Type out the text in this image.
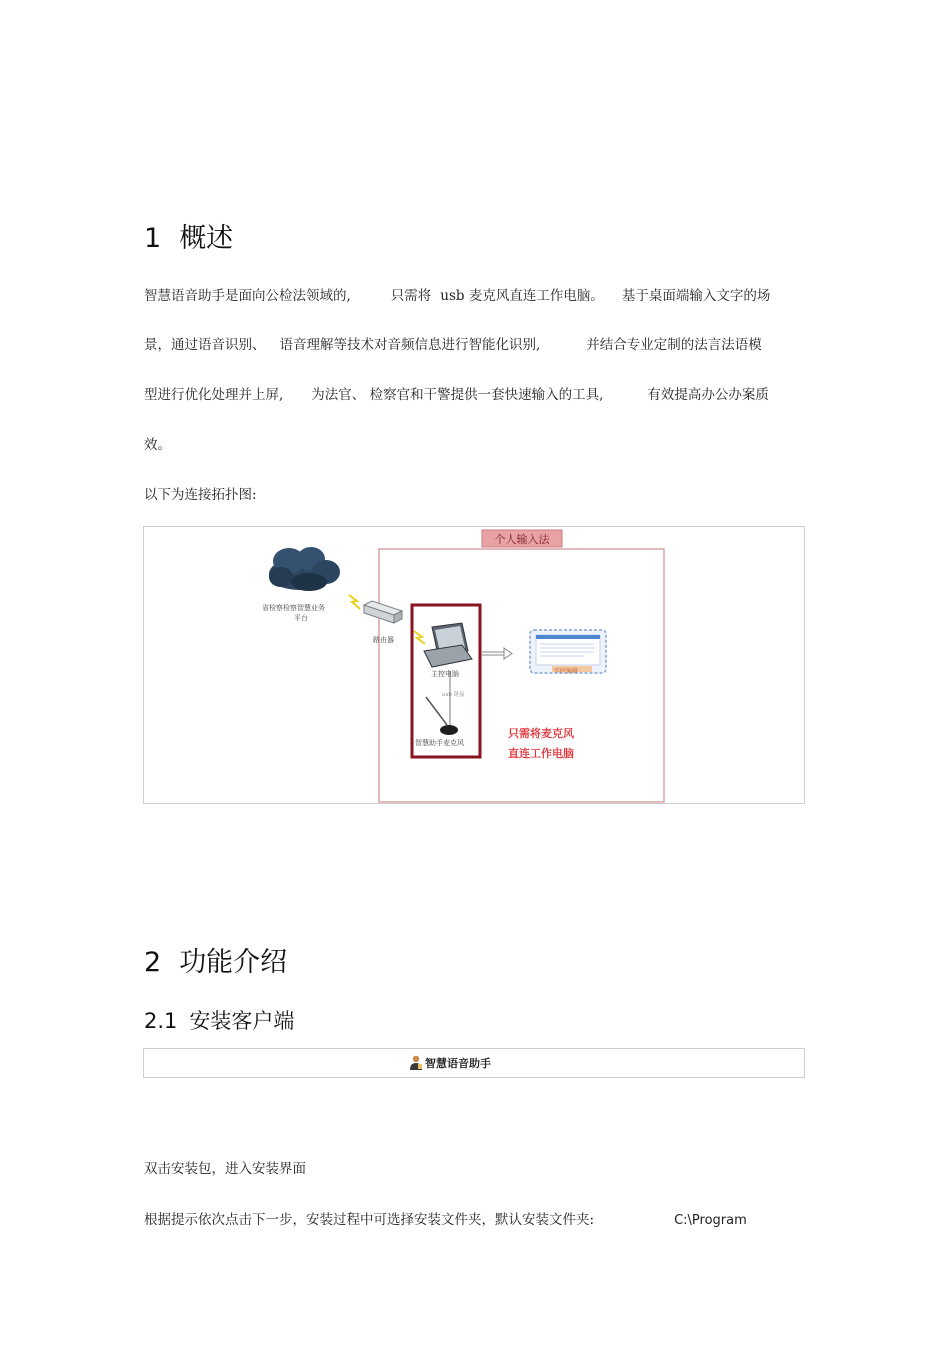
1 概述
智慧语音助手是面向公检法领域的,	只需将 usb 麦克风直连工作电脑。 基于桌面端输入文字的场
景，通过语音识别、 语音理解等技术对音频信息进行智能化识别,	并结合专业定制的法言法语模
型进行优化处理并上屏, 为法官、 检察官和干警提供一套快速输入的工具,	有效提高办公办案质
效。
以下为连接拓扑图:
个人输入法
省检察检察智慧业务
平台
路由器
主控电脑
usb 链接
智慧助手麦克风
实时编辑
只需将麦克风
直连工作电脑
2 功能介绍
2.1 安装客户端
智慧语音助手
双击安装包，进入安装界面
根据提示依次点击下一步，安装过程中可选择安装文件夹，默认安装文件夹:	C:\Program
